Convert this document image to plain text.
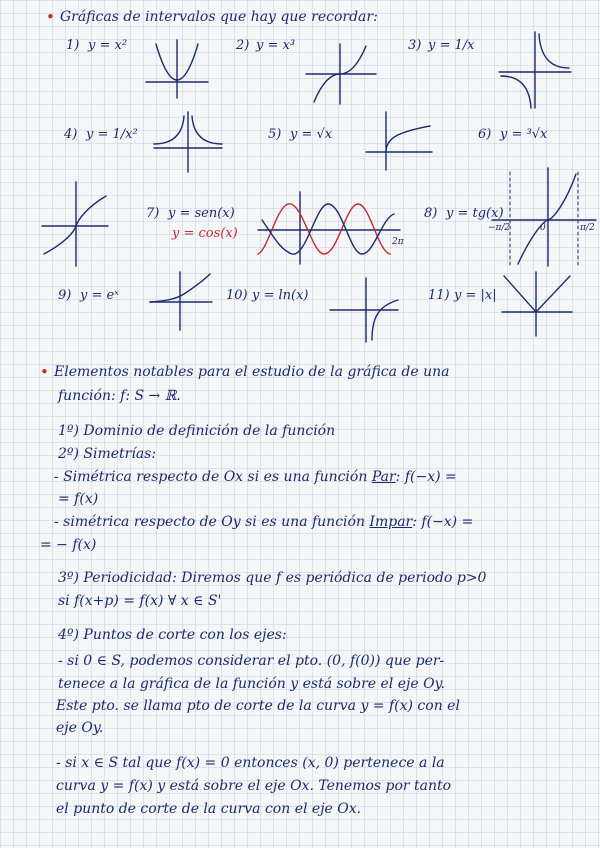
• Gráficas de intervalos que hay que recordar:
1) y = x²	2) y = x³	3) y = 1/x
4) y = 1/x²	5) y = √x	6) y = ³√x
7) y = sen(x)
y = cos(x)
2π
8) y = tg(x)
−π/2	0	π/2
9) y = eˣ	10) y = ln(x)	11) y = |x|
• Elementos notables para el estudio de la gráfica de una
función: f: S → ℝ.
1º) Dominio de definición de la función
2º) Simetrías:
- Simétrica respecto de Ox si es una función Par: f(−x) =
= f(x)
- simétrica respecto de Oy si es una función Impar: f(−x) =
= − f(x)
3º) Periodicidad: Diremos que f es periódica de periodo p>0
si f(x+p) = f(x) ∀ x ∈ S'
4º) Puntos de corte con los ejes:
- si 0 ∈ S, podemos considerar el pto. (0, f(0)) que per-
tenece a la gráfica de la función y está sobre el eje Oy.
Este pto. se llama pto de corte de la curva y = f(x) con el
eje Oy.
- si x ∈ S tal que f(x) = 0 entonces (x, 0) pertenece a la
curva y = f(x) y está sobre el eje Ox. Tenemos por tanto
el punto de corte de la curva con el eje Ox.
